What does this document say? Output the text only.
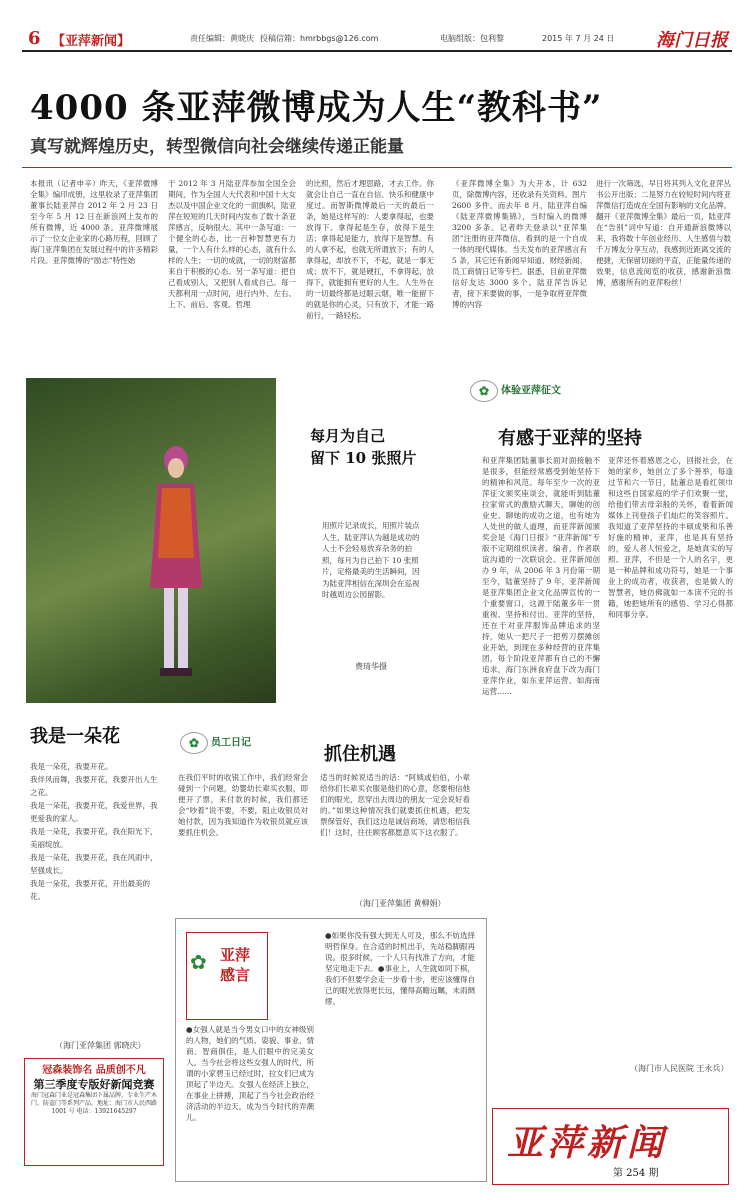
6 【亚萍新闻】	责任编辑：黄晓庆 投稿信箱：hmrbbgs@126.com	电脑组版：包利黎	2015 年 7 月 24 日 海门日报
4000 条亚萍微博成为人生“教科书”
真写就辉煌历史，转型微信向社会继续传递正能量
本报讯（记者申辛）昨天，《亚萍微博全集》编印成册，这里收录了亚萍集团董事长陆亚萍自 2012 年 2 月 23 日至今年 5 月 12 日在新浪网上发布的所有微博，近 4000 条。亚萍微博展示了一位女企业家的心路历程，回顾了海门亚萍集团在发展过程中的许多精彩片段。亚萍微博的“励志”特性始
于 2012 年 3 月陆亚萍参加全国全会期间，作为全国人大代表和中国十大女杰以及中国企业文化的一面旗帜，陆亚萍在短短的几天时间内发布了数十条亚萍感言，反响很大。其中一条写道：一个健全的心态，比一百种智慧更有力量，一个人有什么样的心态，就有什么样的人生；一切的成就，一切的财富都来自于积极的心态。另一条写道：把自己看成别人，又把别人看成自己。每一天都利用一点时间，进行内外、左右、上下、前后、客观、哲理
的比照，然后才理思路，才去工作。你就会让自己一直在自信、快乐和健康中度过。而智斯微博最后一天的最后一条，她是这样写的：人要拿得起，也要放得下。拿得起是生存，放得下是生活；拿得起是能力，放得下是智慧。有的人拿不起，也就无所谓放下；有的人拿得起，却放不下，不起，就是一事无成；放不下，就是硬扛，不拿得起，放得下，就能拥有更好的人生。人生外在的一切最终都是过眼云烟，唯一能留下的就是你的心灵，只有放下，才能一路前行，一路轻松。
《亚萍微博全集》为大开本，计 632 页，除微博内容，还收录有关资料、图片 2600 多件。而去年 8 月，陆亚萍自编《陆亚萍微博集锦》，当时编入的微博 3200 多条。记者昨天登录以“亚萍集团”注册的亚萍微信，看到的是一个自成一体的现代媒体。当天发布的亚萍感言有 5 条，其它还有新闻早知道、财经新闻、员工商情日记等专栏。据悉，目前亚萍微信好友达 3000 多个。陆亚萍告诉记者，接下来要做的事，一是争取将亚萍微博的内容
进行一次筛选，早日将其列入文化亚萍丛书公开出版；二是努力在较短时间内将亚萍微信打造成在全国有影响的文化品牌。翻开《亚萍微博全集》最后一页，陆亚萍在“告别”词中写道：自开通新浪微博以来，我将数十年创业经历、人生感悟与数千万博友分享互动，我感到近距离交流的便捷，无保留切磋的平直，正能量传递的效果，信息流阅览的收获，感谢新浪微博，感谢所有的亚萍粉丝！
每月为自己
留下 10 张照片
用照片记录成长，用照片装点人生，陆亚萍认为越是成功的人士不会轻易放弃杂务的拍照，每月为自己拍下 10 张照片，定格最美的生活瞬间，因为陆亚萍相信在深圳会在巡视时越周边公园留影。
费琦华摄
✿ 体验亚萍征文
有感于亚萍的坚持
和亚萍集团陆董事长面对面接触不是很多，但能经常感受到她坚持下的精神和风范。每年至少一次的亚萍征文颁奖座谈会，就能听到陆董拉家常式的激励式聊天，聊她的创业史、聊她的成功之道，也有她为人处世的做人道理，而亚萍新闻颁奖会是《海门日报》“亚萍新闻”专版不定期组织读者、编者、作者联谊沟通的一次联谊会。亚萍新闻创办 9 年，从 2006 年 3 月份第一期至今，陆董坚持了 9 年，亚萍新闻是亚萍集团企业文化品牌宣传的一个重要窗口，这源于陆董多年一贯重视、坚持和付出。亚萍的坚持，还在于对亚萍服饰品牌追求的坚持，她从一把尺子一把剪刀摆摊创业开始，到现在多种经营的亚萍集团，每个阶段亚萍都有自己的不懈追求，海门东洲食府盘下改为海门亚萍作业，如东亚萍运营、如海南运营……
亚萍还怀着感恩之心，回报社会，在她的家乡，她创立了多个善举，每逢过节和六一节日，陆董总是看红领巾和这些自国家庭的学子们欢聚一堂，给他们带去母亲般的关怀，看着新闻媒体上刊登孩子们灿烂的笑容照片。我知道了亚萍坚持的丰硕成果和乐善好施的精神，亚萍，也是具有坚持的，爱人者人恒爱之，是她真实的写照。亚萍，不但是一个人的名字，更是一种品牌和成功符号，她是一个事业上的成功者，收获者，也是做人的智慧者，她仿佛就如一本读不完的书籍，她把她所有的感悟、学习心得都和同事分享。
（海门市人民医院 王永兵）
我是一朵花
我是一朵花，我要开花。
我伴风而舞，我要开花，我要开出人生之花。
我是一朵花，我要开花，我爱世界，我更爱我的家人。
我是一朵花，我要开花，我在阳光下，美丽绽放。
我是一朵花，我要开花，我在风雨中，坚强成长。
我是一朵花，我要开花，开出最美的花。
（海门亚萍集团 郭晓庆）
冠森装饰名 品质创不凡
第三季度专版好新闻竞赛
海门冠森门业是冠森集团下属品牌，专业生产木门、防盗门等系列产品。地址：海门市人民西路 1001 号 电话：13921645297
✿ 员工日记
抓住机遇
在我们平时的收银工作中，我们经常会碰到一个问题，幼婴幼长辈买衣服，即便开了票，来付款的时候，我们都还会“吵着”说不要，不要，阻止收银员对她付款，因为我知道作为收银员就应该要抓住机会。
适当的时候说适当的话：“阿姨或伯伯，小辈给你们长辈买衣服是他们的心意，您要相信他们的眼光，您穿出去周边的朋友一定会说好看的。”如果这种情况我们就要抓住机遇，把发票保管好，我们这边是诚信商场，请您相信我们！这时，往往顾客都愿意买下这衣服了。
（海门亚萍集团 黄柳娟）
✿ 亚萍
感言
●女强人就是当今男女口中的女神级别的人物，她们的气质、姿貌、事业、情商、智商俱佳，是人们眼中的完美女人。当今社会将这些女强人的时代，所谓的小家碧玉已经过时，拉女们已成为顶起了半边天。女强人在经济上独立，在事业上拼搏，顶起了当今社会政治经济活动的半边天，成为当今时代的弄潮儿。
●如果你没有强大到无人可及，那么不妨选择明哲保身。在合适的时机出手，先站稳脚跟再说。很多时候，一个人只有找准了方向，才能坚定地走下去。●事业上，人生就如同下棋，我们不但要学会走一步看十步，更应该懂得自己的眼光放得更长远，懂得高瞻远瞩，未雨绸缪。
亚萍新闻
第 254 期
